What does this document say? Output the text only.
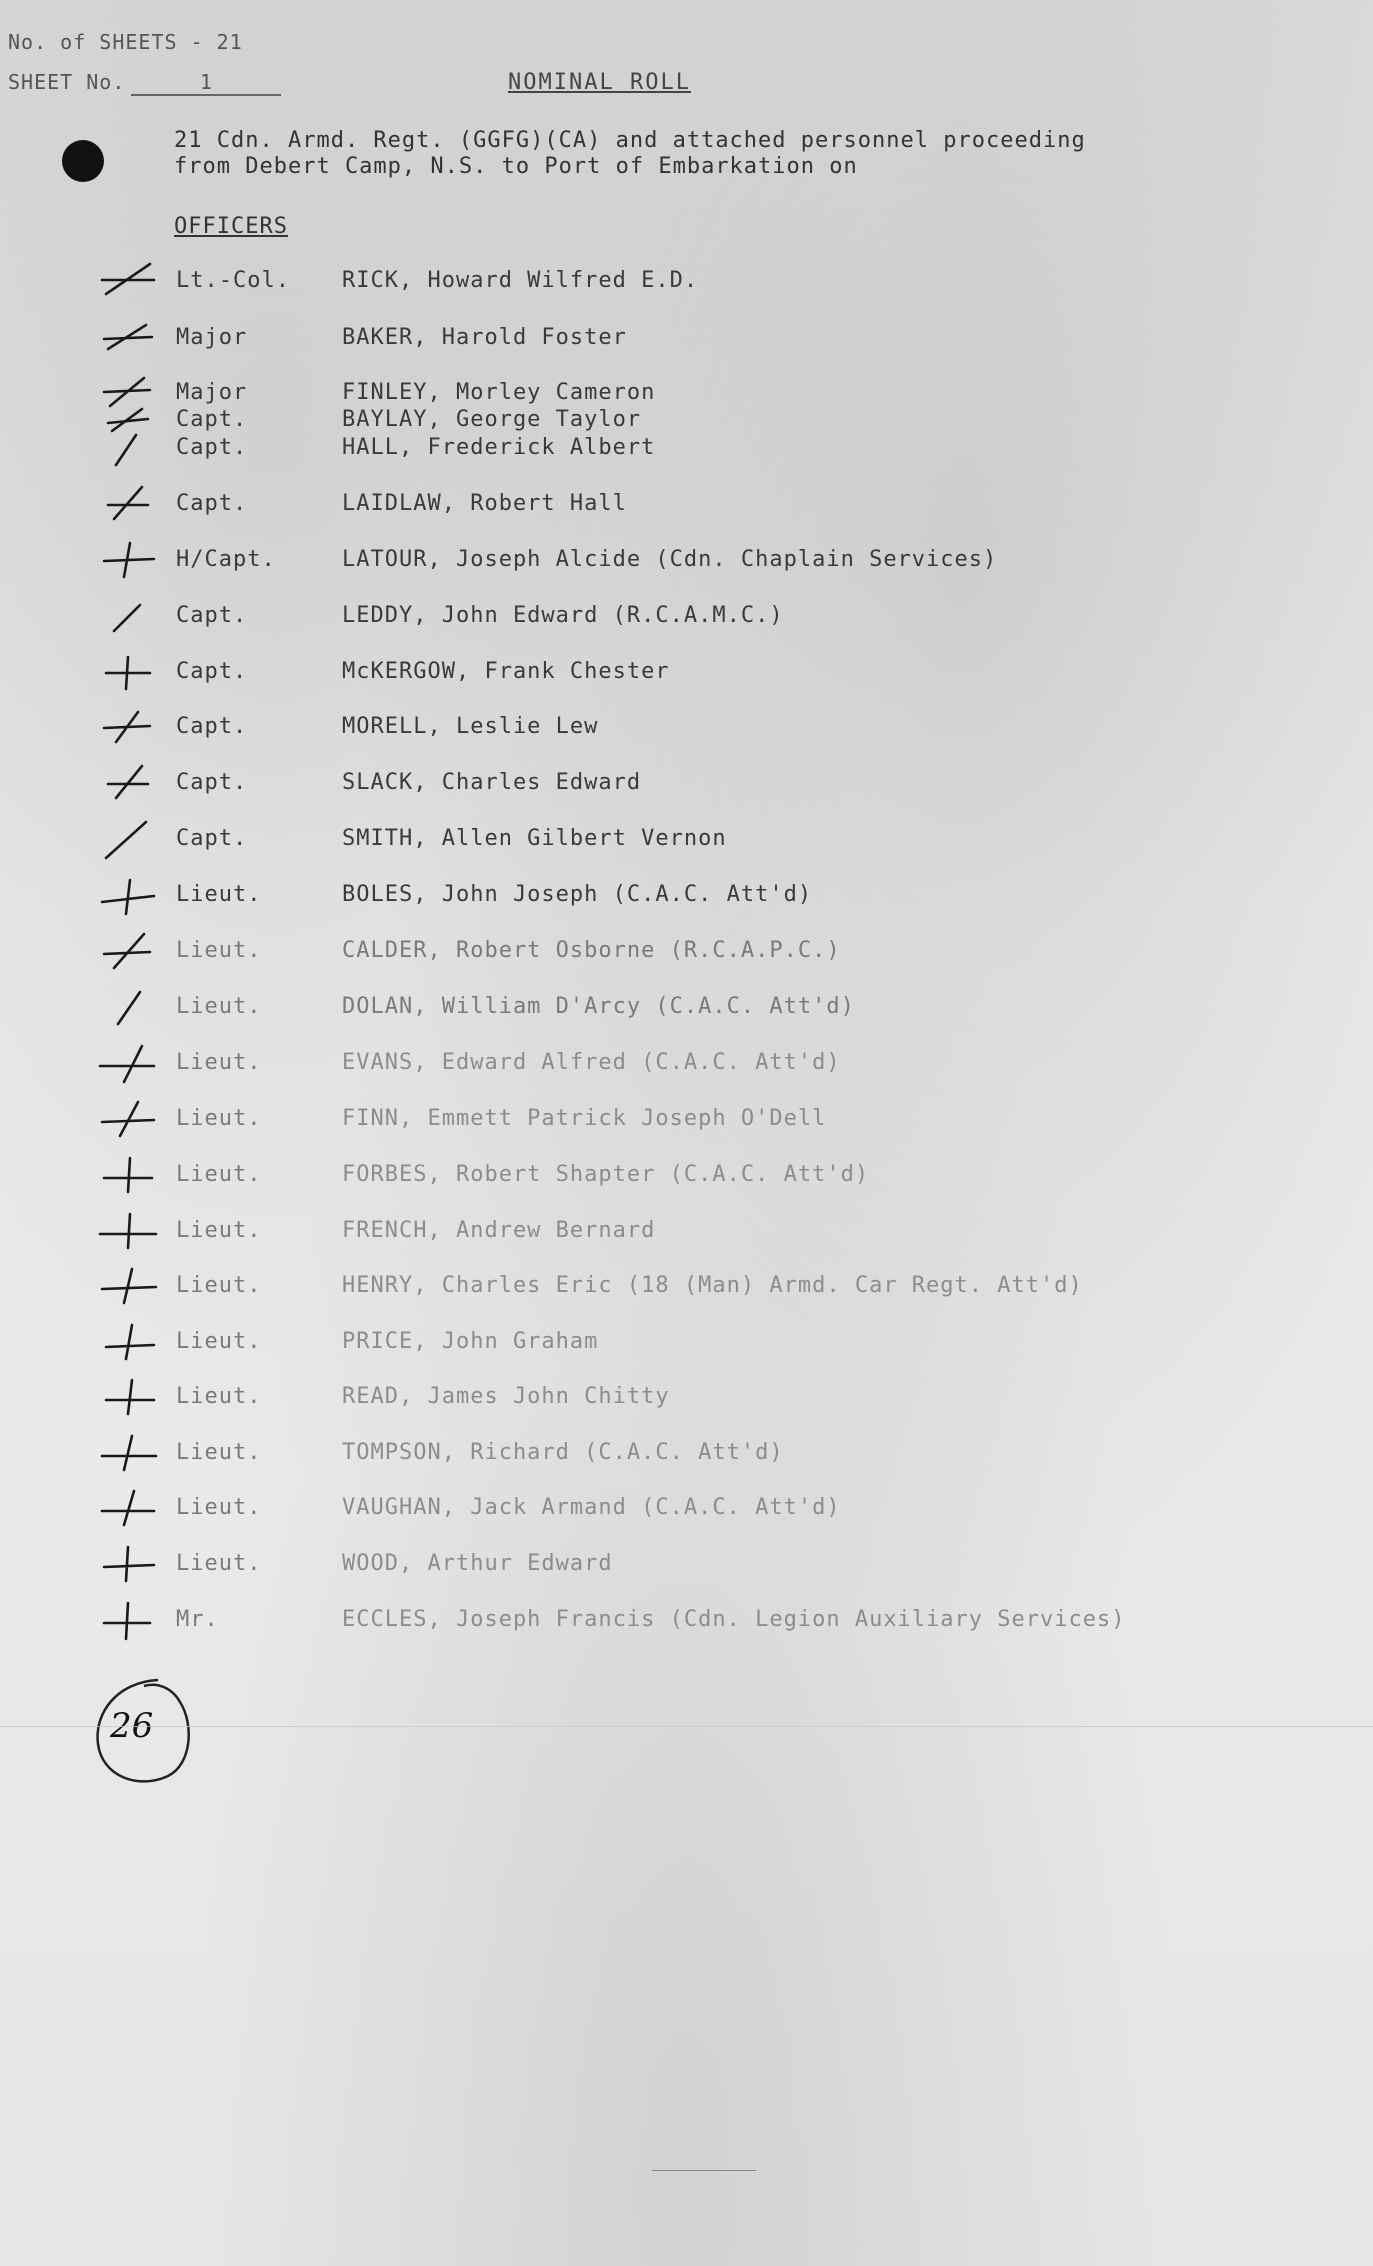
No. of SHEETS - 21
SHEET No.	1	NOMINAL ROLL
21 Cdn. Armd. Regt. (GGFG)(CA) and attached personnel proceeding
from Debert Camp, N.S. to Port of Embarkation on
OFFICERS
Lt.-Col. RICK, Howard Wilfred E.D.
Major	BAKER, Harold Foster
Major	FINLEY, Morley Cameron
Capt.	BAYLAY, George Taylor
Capt.	HALL, Frederick Albert
Capt.	LAIDLAW, Robert Hall
H/Capt.	LATOUR, Joseph Alcide (Cdn. Chaplain Services)
Capt.	LEDDY, John Edward (R.C.A.M.C.)
Capt.	McKERGOW, Frank Chester
Capt.	MORELL, Leslie Lew
Capt.	SLACK, Charles Edward
Capt.	SMITH, Allen Gilbert Vernon
Lieut.	BOLES, John Joseph (C.A.C. Att'd)
Lieut.	CALDER, Robert Osborne (R.C.A.P.C.)
Lieut.	DOLAN, William D'Arcy (C.A.C. Att'd)
Lieut.	EVANS, Edward Alfred (C.A.C. Att'd)
Lieut.	FINN, Emmett Patrick Joseph O'Dell
Lieut.	FORBES, Robert Shapter (C.A.C. Att'd)
Lieut.	FRENCH, Andrew Bernard
Lieut.	HENRY, Charles Eric (18 (Man) Armd. Car Regt. Att'd)
Lieut.	PRICE, John Graham
Lieut.	READ, James John Chitty
Lieut.	TOMPSON, Richard (C.A.C. Att'd)
Lieut.	VAUGHAN, Jack Armand (C.A.C. Att'd)
Lieut.	WOOD, Arthur Edward
Mr.	ECCLES, Joseph Francis (Cdn. Legion Auxiliary Services)
26
